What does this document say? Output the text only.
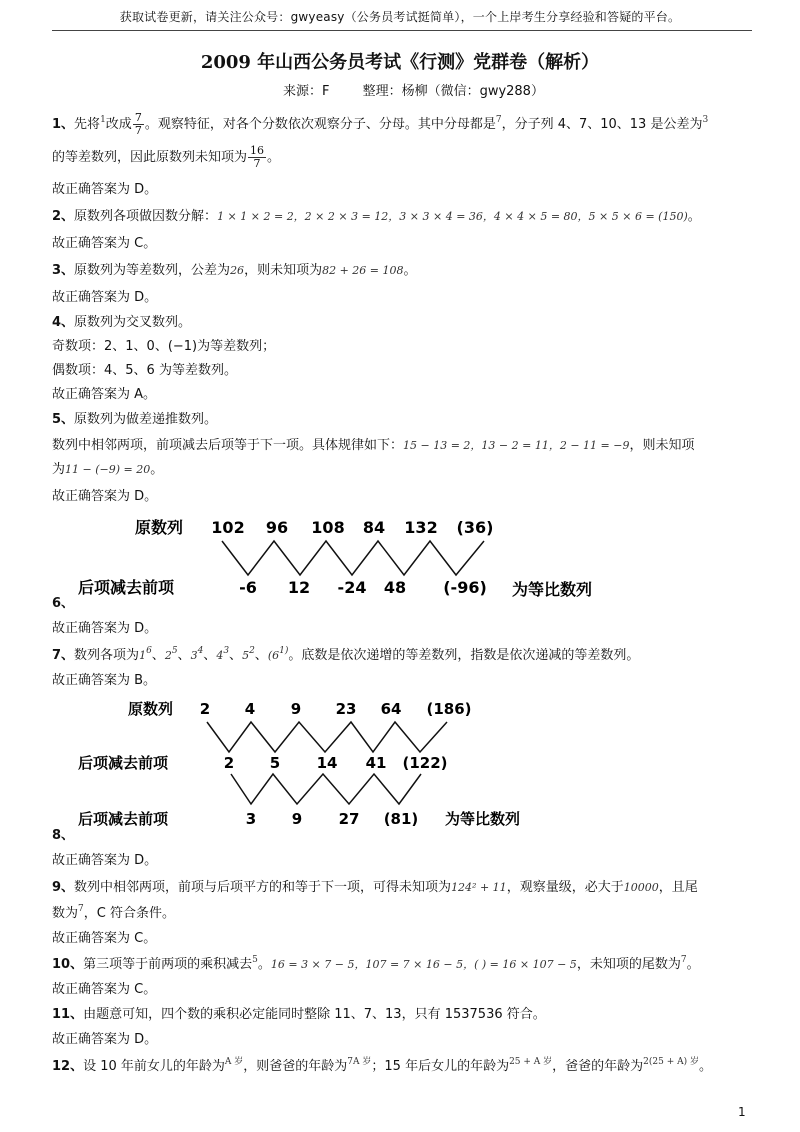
获取试卷更新，请关注公众号：gwyeasy（公务员考试挺简单），一个上岸考生分享经验和答疑的平台。
2009 年山西公务员考试《行测》党群卷（解析）
来源：F	整理：杨柳（微信：gwy288）
1、先将$^1$改成 $\frac{7}{7}$ 。观察特征，对各个分数依次观察分子、分母。其中分母都是$^7$，分子列 4、7、10、13 是公差为$^3$
的等差数列，因此原数列未知项为 $\frac{16}{7}$ 。
故正确答案为 D。
2、原数列各项做因数分解：1 × 1 × 2 = 2，2 × 2 × 3 = 12，3 × 3 × 4 = 36，4 × 4 × 5 = 80，5 × 5 × 6 = (150)。
故正确答案为 C。
3、原数列为等差数列，公差为26，则未知项为82 + 26 = 108。
故正确答案为 D。
4、原数列为交叉数列。
奇数项：2、1、0、(−1)为等差数列；
偶数项：4、5、6 为等差数列。
故正确答案为 A。
5、原数列为做差递推数列。
数列中相邻两项，前项减去后项等于下一项。具体规律如下：15 − 13 = 2，13 − 2 = 11，2 − 11 = −9，则未知项
为11 − (−9) = 20。
故正确答案为 D。
原数列 102 96 108 84 132 (36)
后项减去前项	-6 12 -24 48 (-96) 为等比数列
6、
故正确答案为 D。
7、数列各项为$1^6$、$2^5$、$3^4$、$4^3$、$5^2$、(6$^{1)}$。底数是依次递增的等差数列，指数是依次递减的等差数列。
故正确答案为 B。
原数列 2 4 9 23 64 (186)
后项减去前项	2 5 14 41 (122)
后项减去前项	3 9 27 (81) 为等比数列
8、
故正确答案为 D。
9、数列中相邻两项，前项与后项平方的和等于下一项，可得未知项为124² + 11，观察量级，必大于10000，且尾
数为$^7$，C 符合条件。
故正确答案为 C。
10、第三项等于前两项的乘积减去$^5$。16 = 3 × 7 − 5，107 = 7 × 16 − 5，( ) = 16 × 107 − 5，未知项的尾数为$^7$。
故正确答案为 C。
11、由题意可知，四个数的乘积必定能同时整除 11、7、13，只有 1537536 符合。
故正确答案为 D。
12、设 10 年前女儿的年龄为$^{A 岁}$，则爸爸的年龄为$^{7A 岁}$；15 年后女儿的年龄为$^{25 + A 岁}$，爸爸的年龄为$^{2(25 + A) 岁}$。
1
